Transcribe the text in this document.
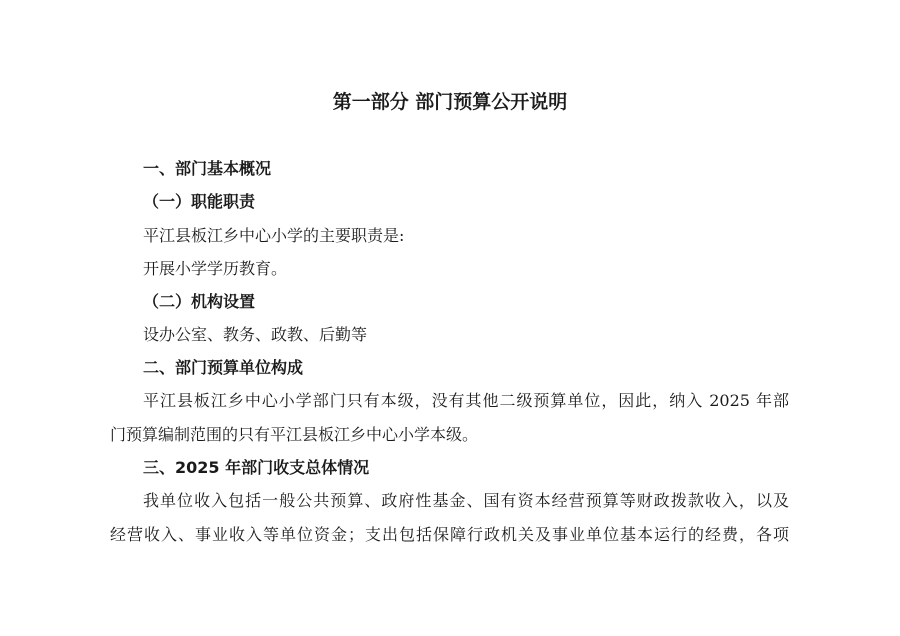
第一部分 部门预算公开说明
一、部门基本概况
（一）职能职责
平江县板江乡中心小学的主要职责是:
开展小学学历教育。
（二）机构设置
设办公室、教务、政教、后勤等
二、部门预算单位构成
平江县板江乡中心小学部门只有本级，没有其他二级预算单位，因此，纳入 2025 年部
门预算编制范围的只有平江县板江乡中心小学本级。
三、2025 年部门收支总体情况
我单位收入包括一般公共预算、政府性基金、国有资本经营预算等财政拨款收入，以及
经营收入、事业收入等单位资金；支出包括保障行政机关及事业单位基本运行的经费，各项
